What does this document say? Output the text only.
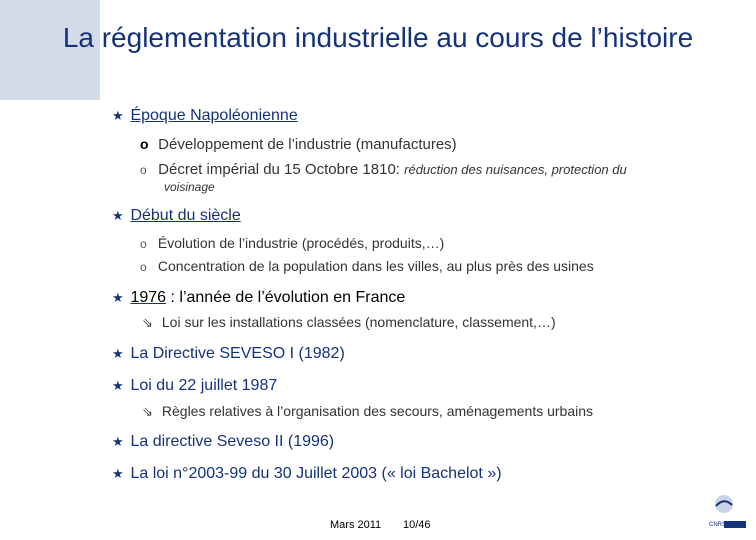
La réglementation industrielle au cours de l’histoire
★ Époque Napoléonienne
o Développement de l’industrie (manufactures)
o Décret impérial du 15 Octobre 1810: réduction des nuisances, protection du
voisinage
★ Début du siècle
o Évolution de l’industrie (procédés, produits,…)
o Concentration de la population dans les villes, au plus près des usines
★ 1976 : l’année de l’évolution en France
⇘ Loi sur les installations classées (nomenclature, classement,…)
★ La Directive SEVESO I (1982)
★ Loi du 22 juillet 1987
⇘ Règles relatives à l’organisation des secours, aménagements urbains
★ La directive Seveso II (1996)
★ La loi n°2003-99 du 30 Juillet 2003 (« loi Bachelot »)
Mars 2011 10/46	CNRS
